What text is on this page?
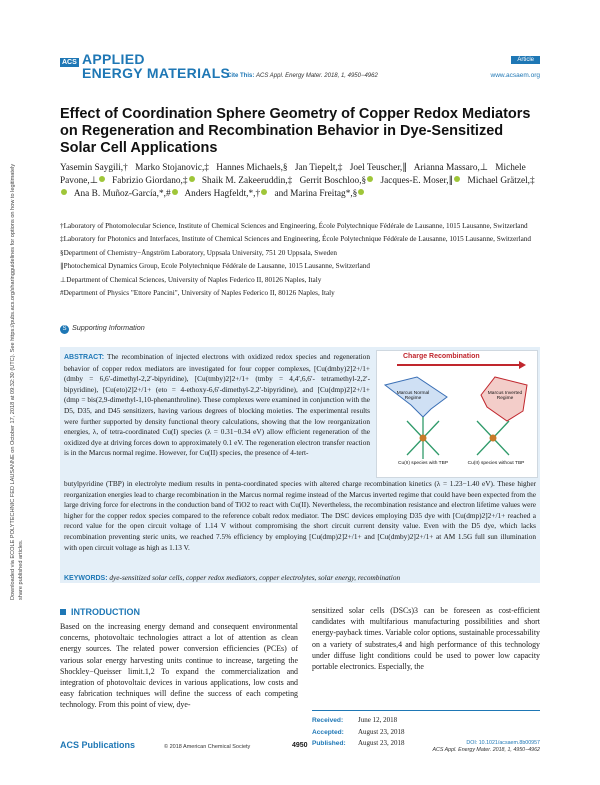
Downloaded via ECOLE POLYTECHNIC FED LAUSANNE on October 17, 2018 at 09:32:30 (UTC). See https://pubs.acs.org/sharingguidelines for options on how to legitimately share published articles.
ACS APPLIED
ENERGY MATERIALS
Article
Cite This: ACS Appl. Energy Mater. 2018, 1, 4950−4962	www.acsaem.org
Effect of Coordination Sphere Geometry of Copper Redox Mediators on Regeneration and Recombination Behavior in Dye-Sensitized Solar Cell Applications
Yasemin Saygili,† Marko Stojanovic,‡ Hannes Michaels,§ Jan Tiepelt,‡ Joel Teuscher,∥ Arianna Massaro,⊥ Michele Pavone,⊥ Fabrizio Giordano,‡ Shaik M. Zakeeruddin,‡ Gerrit Boschloo,§ Jacques-E. Moser,∥ Michael Grätzel,‡ Ana B. Muñoz-García,*,# Anders Hagfeldt,*,† and Marina Freitag*,§

†Laboratory of Photomolecular Science, Institute of Chemical Sciences and Engineering, École Polytechnique Fédérale de Lausanne, 1015 Lausanne, Switzerland

‡Laboratory for Photonics and Interfaces, Institute of Chemical Sciences and Engineering, École Polytechnique Fédérale de Lausanne, 1015 Lausanne, Switzerland

§Department of Chemistry−Ångström Laboratory, Uppsala University, 751 20 Uppsala, Sweden

∥Photochemical Dynamics Group, Ecole Polytechnique Fédérale de Lausanne, 1015 Lausanne, Switzerland

⊥Department of Chemical Sciences, University of Naples Federico II, 80126 Naples, Italy

#Department of Physics "Ettore Pancini", University of Naples Federico II, 80126 Naples, Italy

S Supporting Information
ABSTRACT: The recombination of injected electrons with oxidized redox species and regeneration behavior of copper redox mediators are investigated for four copper complexes, [Cu(dmby)2]2+/1+ (dmby = 6,6′-dimethyl-2,2′-bipyridine), [Cu(tmby)2]2+/1+ (tmby = 4,4′,6,6′- tetramethyl-2,2′-bipyridine), [Cu(eto)2]2+/1+ (eto = 4-ethoxy-6,6′-dimethyl-2,2′-bipyridine), and [Cu(dmp)2]2+/1+ (dmp = bis(2,9-dimethyl-1,10-phenanthroline). These complexes were examined in conjunction with the D5, D35, and D45 sensitizers, having various degrees of blocking moieties. The experimental results were further supported by density functional theory calculations, showing that the low reorganization energies, λ, of tetra-coordinated Cu(I) species (λ = 0.31−0.34 eV) allow efficient regeneration of the oxidized dye at driving forces down to approximately 0.1 eV. The regeneration electron transfer reaction is in the Marcus normal regime. However, for Cu(II) species, the presence of 4-tert-
Charge Recombination
Marcus Normal Regime
Marcus Inverted Regime
Cu(II) species with TBP	Cu(II) species without TBP
butylpyridine (TBP) in electrolyte medium results in penta-coordinated species with altered charge recombination kinetics (λ = 1.23−1.40 eV). These higher reorganization energies lead to charge recombination in the Marcus normal regime instead of the Marcus inverted regime that could have been expected from the large driving force for electrons in the conduction band of TiO2 to react with Cu(II). Nevertheless, the recombination resistance and electron lifetime values were higher for the copper redox species compared to the reference cobalt redox mediator. The DSC devices employing D35 dye with [Cu(dmp)2]2+/1+ reached a record value for the open circuit voltage of 1.14 V without compromising the short circuit current density value. Even with the D5 dye, which lacks recombination preventing steric units, we reached 7.5% efficiency by employing [Cu(dmp)2]2+/1+ and [Cu(dmby)2]2+/1+ at AM 1.5G full sun illumination with open circuit voltage as high as 1.13 V.
KEYWORDS: dye-sensitized solar cells, copper redox mediators, copper electrolytes, solar energy, recombination
INTRODUCTION

Based on the increasing energy demand and consequent environmental concerns, photovoltaic technologies attract a lot of attention as clean energy sources. The related power conversion efficiencies (PCEs) of various solar energy harvesting units continue to increase, targeting the Shockley−Queisser limit.1,2 To expand the commercialization and integration of photovoltaic devices in various applications, low costs and easy fabrication techniques will define the success of each competing technology. From this point of view, dye-

sensitized solar cells (DSCs)3 can be foreseen as cost-efficient candidates with multifarious manufacturing possibilities and short energy-payback times. Variable color options, sustainable processability on a variety of substrates,4 and high performance of this technology under diffuse light conditions could be used to power low capacity portable electronics. Especially, the

Received: June 12, 2018
Accepted: August 23, 2018
Published: August 23, 2018
ACS Publications	© 2018 American Chemical Society	4950	DOI: 10.1021/acsaem.8b00957
ACS Appl. Energy Mater. 2018, 1, 4950−4962
